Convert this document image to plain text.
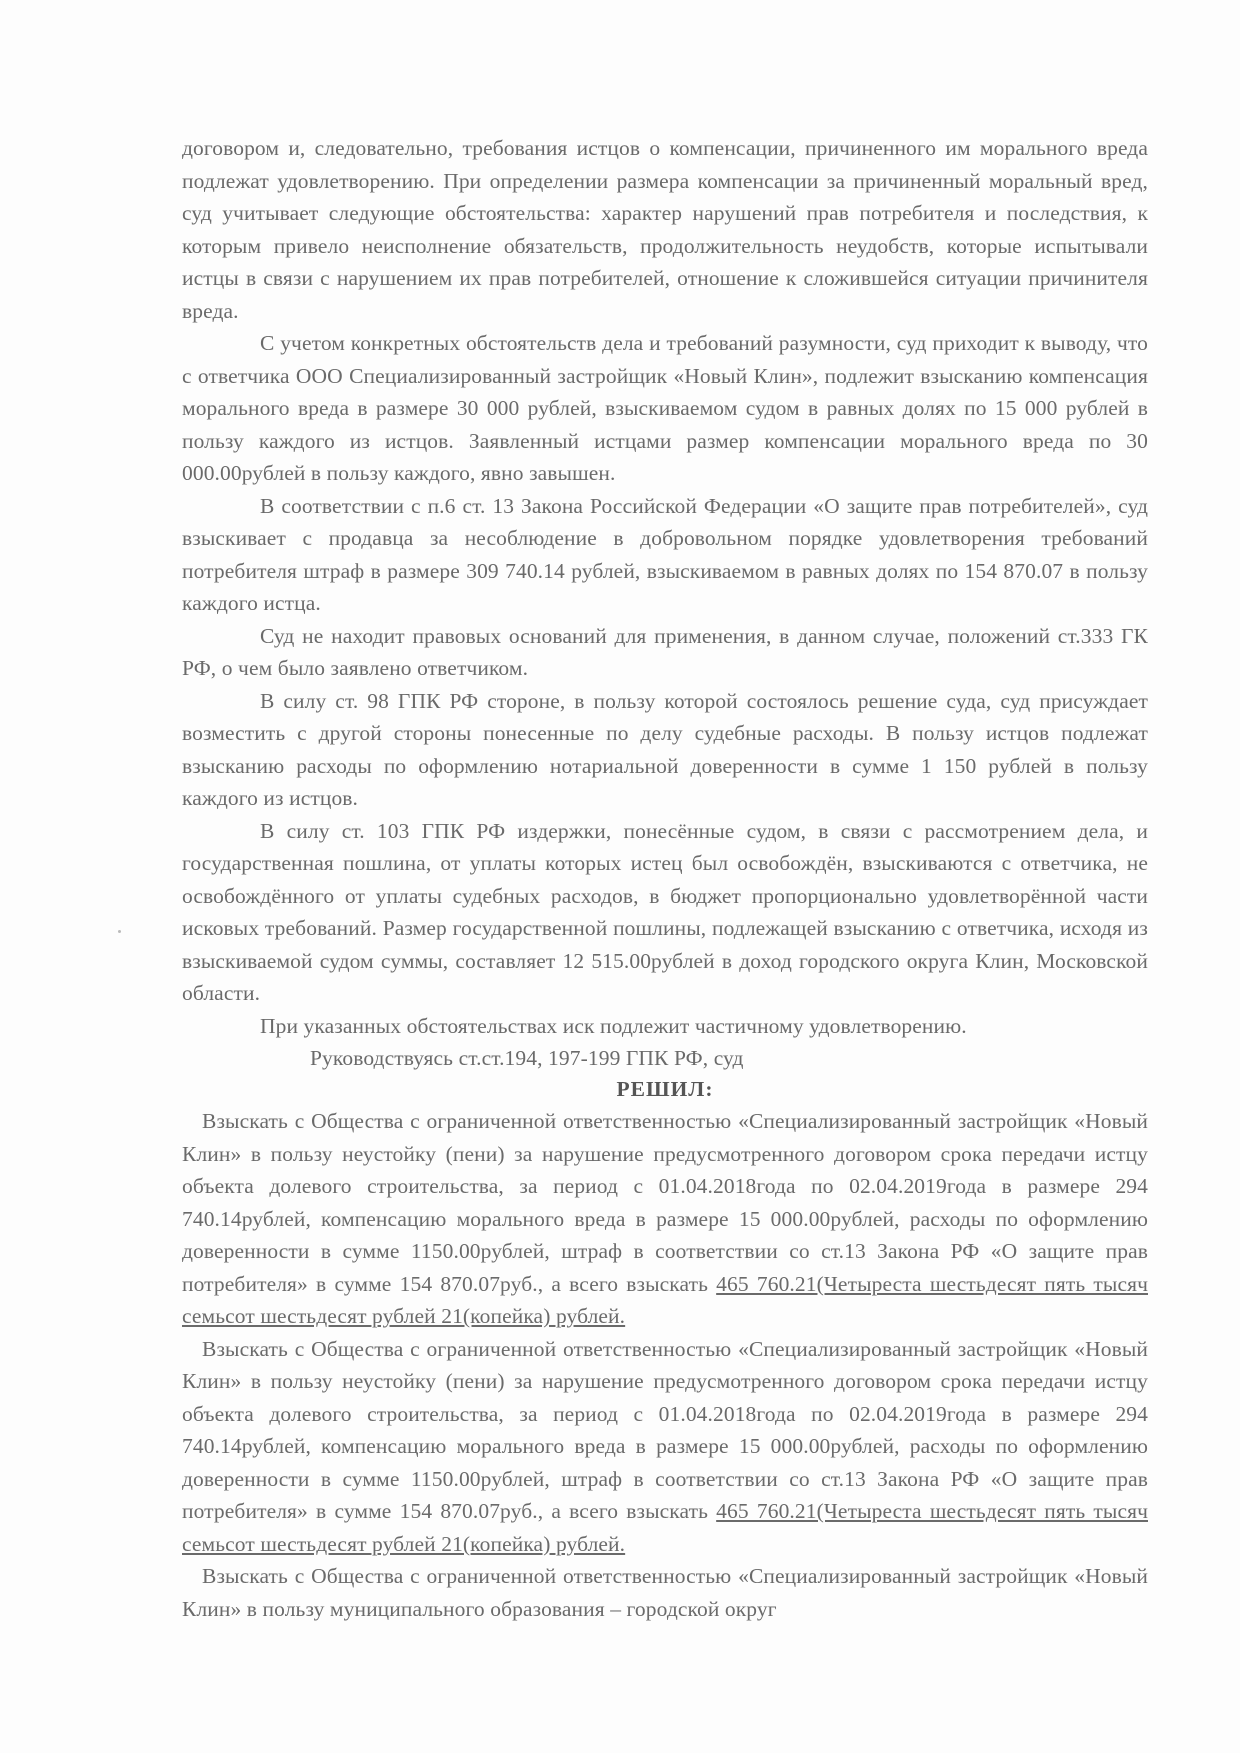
договором и, следовательно, требования истцов о компенсации, причиненного им морального вреда подлежат удовлетворению. При определении размера компенсации за причиненный моральный вред, суд учитывает следующие обстоятельства: характер нарушений прав потребителя и последствия, к которым привело неисполнение обязательств, продолжительность неудобств, которые испытывали истцы в связи с нарушением их прав потребителей, отношение к сложившейся ситуации причинителя вреда.

С учетом конкретных обстоятельств дела и требований разумности, суд приходит к выводу, что с ответчика ООО Специализированный застройщик «Новый Клин», подлежит взысканию компенсация морального вреда в размере 30 000 рублей, взыскиваемом судом в равных долях по 15 000 рублей в пользу каждого из истцов. Заявленный истцами размер компенсации морального вреда по 30 000.00рублей в пользу каждого, явно завышен.

В соответствии с п.6 ст. 13 Закона Российской Федерации «О защите прав потребителей», суд взыскивает с продавца за несоблюдение в добровольном порядке удовлетворения требований потребителя штраф в размере 309 740.14 рублей, взыскиваемом в равных долях по 154 870.07 в пользу каждого истца.

Суд не находит правовых оснований для применения, в данном случае, положений ст.333 ГК РФ, о чем было заявлено ответчиком.

В силу ст. 98 ГПК РФ стороне, в пользу которой состоялось решение суда, суд присуждает возместить с другой стороны понесенные по делу судебные расходы. В пользу истцов подлежат взысканию расходы по оформлению нотариальной доверенности в сумме 1 150 рублей в пользу каждого из истцов.

В силу ст. 103 ГПК РФ издержки, понесённые судом, в связи с рассмотрением дела, и государственная пошлина, от уплаты которых истец был освобождён, взыскиваются с ответчика, не освобождённого от уплаты судебных расходов, в бюджет пропорционально удовлетворённой части исковых требований. Размер государственной пошлины, подлежащей взысканию с ответчика, исходя из взыскиваемой судом суммы, составляет 12 515.00рублей в доход городского округа Клин, Московской области.

При указанных обстоятельствах иск подлежит частичному удовлетворению.

Руководствуясь ст.ст.194, 197-199 ГПК РФ, суд

РЕШИЛ:

Взыскать с Общества с ограниченной ответственностью «Специализированный застройщик «Новый Клин» в пользу неустойку (пени) за нарушение предусмотренного договором срока передачи истцу объекта долевого строительства, за период с 01.04.2018года по 02.04.2019года в размере 294 740.14рублей, компенсацию морального вреда в размере 15 000.00рублей, расходы по оформлению доверенности в сумме 1150.00рублей, штраф в соответствии со ст.13 Закона РФ «О защите прав потребителя» в сумме 154 870.07руб., а всего взыскать 465 760.21(Четыреста шестьдесят пять тысяч семьсот шестьдесят рублей 21(копейка) рублей.

Взыскать с Общества с ограниченной ответственностью «Специализированный застройщик «Новый Клин» в пользу неустойку (пени) за нарушение предусмотренного договором срока передачи истцу объекта долевого строительства, за период с 01.04.2018года по 02.04.2019года в размере 294 740.14рублей, компенсацию морального вреда в размере 15 000.00рублей, расходы по оформлению доверенности в сумме 1150.00рублей, штраф в соответствии со ст.13 Закона РФ «О защите прав потребителя» в сумме 154 870.07руб., а всего взыскать 465 760.21(Четыреста шестьдесят пять тысяч семьсот шестьдесят рублей 21(копейка) рублей.

Взыскать с Общества с ограниченной ответственностью «Специализированный застройщик «Новый Клин» в пользу муниципального образования – городской округ
